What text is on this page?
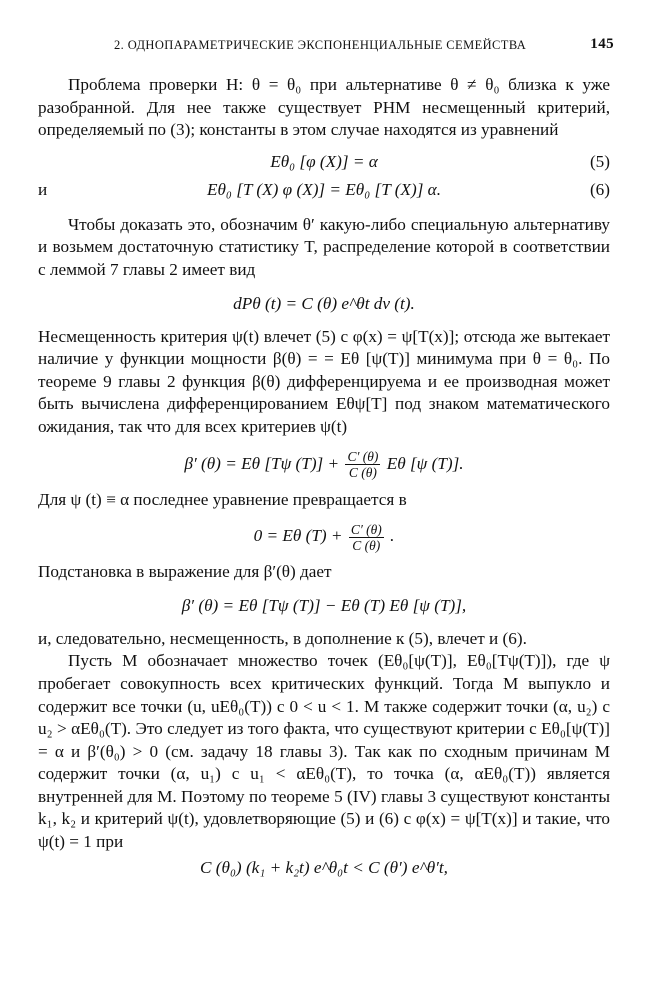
2. ОДНОПАРАМЕТРИЧЕСКИЕ ЭКСПОНЕНЦИАЛЬНЫЕ СЕМЕЙСТВА	145

Проблема проверки H: θ = θ₀ при альтернативе θ ≠ θ₀ близка к уже разобранной. Для нее также существует РНМ несмещенный критерий, определяемый по (3); константы в этом случае находятся из уравнений

Eθ₀ [φ (X)] = α	(5)
и	Eθ₀ [T (X) φ (X)] = Eθ₀ [T (X)] α.	(6)

Чтобы доказать это, обозначим θ′ какую-либо специальную альтернативу и возьмем достаточную статистику T, распределение которой в соответствии с леммой 7 главы 2 имеет вид

dPθ (t) = C (θ) e^θt dν (t).

Несмещенность критерия ψ(t) влечет (5) с φ(x) = ψ[T(x)]; отсюда же вытекает наличие у функции мощности β(θ) = = Eθ [ψ(T)] минимума при θ = θ₀. По теореме 9 главы 2 функция β(θ) дифференцируема и ее производная может быть вычислена дифференцированием Eθψ[T] под знаком математического ожидания, так что для всех критериев ψ(t)

β′ (θ) = Eθ [Tψ $(T)] + \frac{C' (\theta)}{C (\theta)}$ Eθ [ψ (T)].

Для ψ (t) ≡ α последнее уравнение превращается в

0 = Eθ $(T) + \frac{C' (\theta)}{C (\theta)}$ .

Подстановка в выражение для β′(θ) дает

β′ (θ) = Eθ [Tψ (T)] − Eθ (T) Eθ [ψ (T)],

и, следовательно, несмещенность, в дополнение к (5), влечет и (6).

Пусть M обозначает множество точек (Eθ₀[ψ(T)], Eθ₀[Tψ(T)]), где ψ пробегает совокупность всех критических функций. Тогда M выпукло и содержит все точки (u, uEθ₀(T)) с 0 < u < 1. M также содержит точки (α, u₂) с u₂ > αEθ₀(T). Это следует из того факта, что существуют критерии с Eθ₀[ψ(T)] = α и β′(θ₀) > 0 (см. задачу 18 главы 3). Так как по сходным причинам M содержит точки (α, u₁) с u₁ < αEθ₀(T), то точка (α, αEθ₀(T)) является внутренней для M. Поэтому по теореме 5 (IV) главы 3 существуют константы k₁, k₂ и критерий ψ(t), удовлетворяющие (5) и (6) с φ(x) = ψ[T(x)] и такие, что ψ(t) = 1 при

C (θ₀) (k₁ + k₂t) e^θ₀t < C (θ′) e^θ′t,
